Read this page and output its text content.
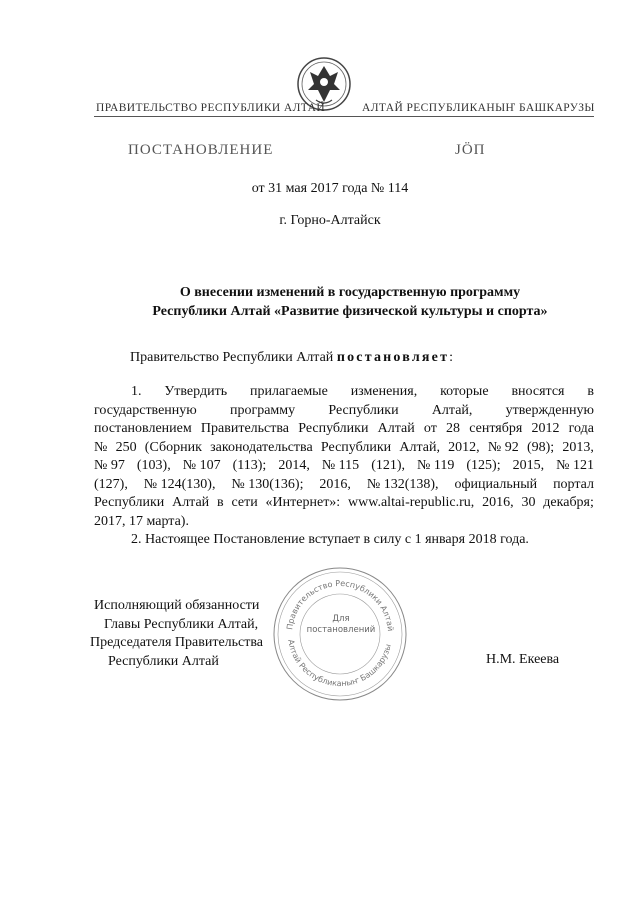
ПРАВИТЕЛЬСТВО РЕСПУБЛИКИ АЛТАЙ	АЛТАЙ РЕСПУБЛИКАНЫҤ БАШКАРУЗЫ
ПОСТАНОВЛЕНИЕ	JӦП
от 31 мая 2017 года № 114
г. Горно-Алтайск
О внесении изменений в государственную программу
Республики Алтай «Развитие физической культуры и спорта»
Правительство Республики Алтай постановляет:
1. Утвердить прилагаемые изменения, которые вносятся в
государственную программу Республики Алтай, утвержденную
постановлением Правительства Республики Алтай от 28 сентября 2012 года
№ 250 (Сборник законодательства Республики Алтай, 2012, № 92 (98); 2013,
№ 97 (103), № 107 (113); 2014, № 115 (121), № 119 (125); 2015, № 121
(127), № 124(130), № 130(136); 2016, № 132(138), официальный портал
Республики Алтай в сети «Интернет»: www.altai-republic.ru, 2016, 30 декабря;
2017, 17 марта).
2. Настоящее Постановление вступает в силу с 1 января 2018 года.
Правительство Республики Алтай
Алтай Республиканыҥ Башкарузы
Для
постановлений
Исполняющий обязанности
Главы Республики Алтай,
Председателя Правительства
Республики Алтай	Н.М. Екеева
